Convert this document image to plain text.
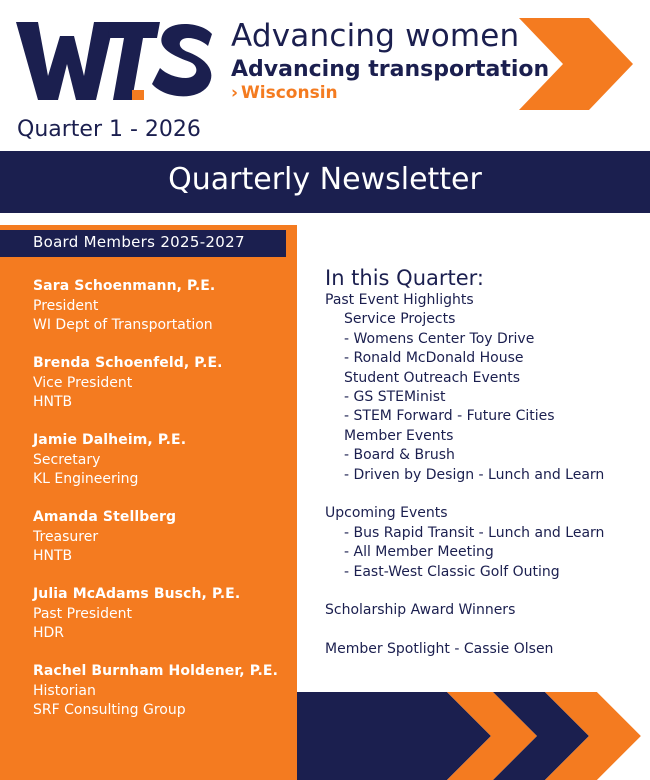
Advancing women
Advancing transportation
› Wisconsin
Quarter 1 - 2026
Quarterly Newsletter
Board Members 2025-2027
Sara Schoenmann, P.E.
President
WI Dept of Transportation
Brenda Schoenfeld, P.E.
Vice President
HNTB
Jamie Dalheim, P.E.
Secretary
KL Engineering
Amanda Stellberg
Treasurer
HNTB
Julia McAdams Busch, P.E.
Past President
HDR
Rachel Burnham Holdener, P.E.
Historian
SRF Consulting Group
In this Quarter:
Past Event Highlights
Service Projects
- Womens Center Toy Drive
- Ronald McDonald House
Student Outreach Events
- GS STEMinist
- STEM Forward - Future Cities
Member Events
- Board & Brush
- Driven by Design - Lunch and Learn
Upcoming Events
- Bus Rapid Transit - Lunch and Learn
- All Member Meeting
- East-West Classic Golf Outing
Scholarship Award Winners
Member Spotlight - Cassie Olsen
